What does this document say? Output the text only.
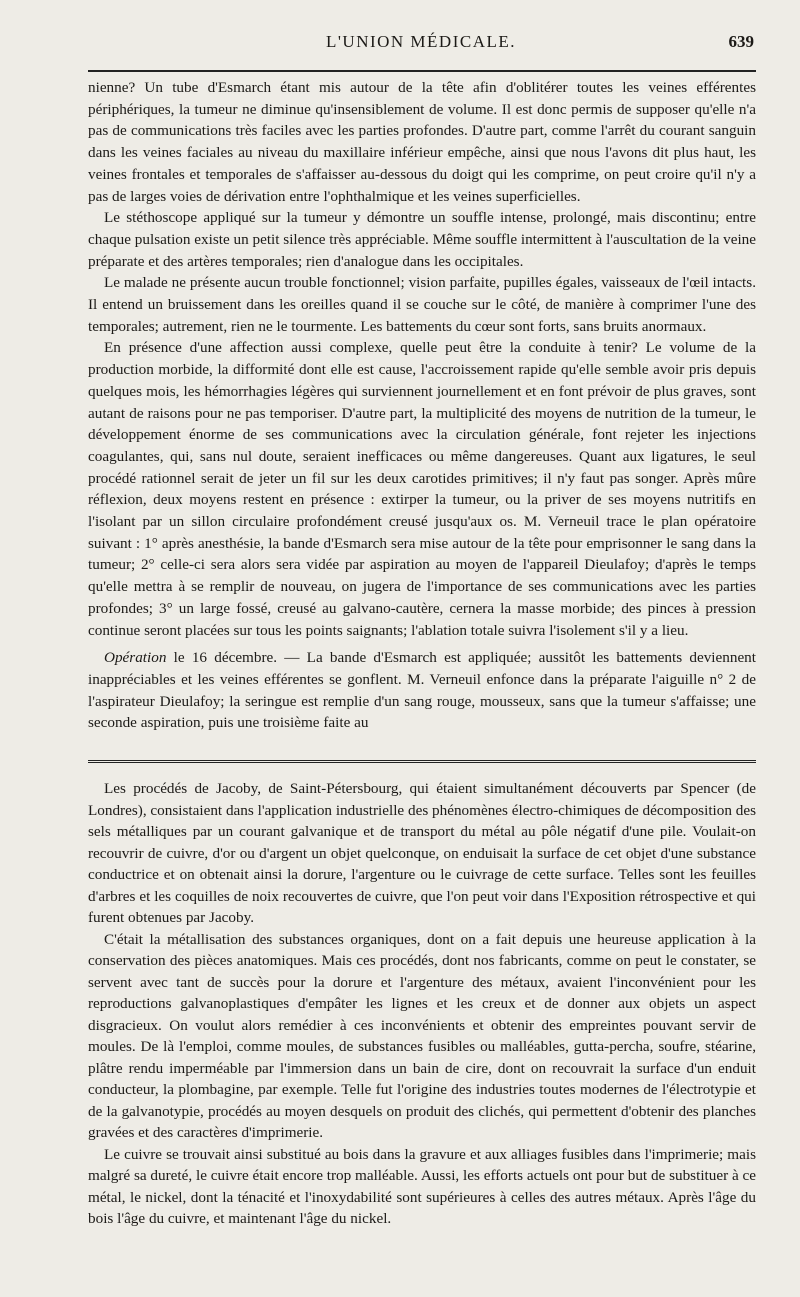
L'UNION MÉDICALE.	639

nienne? Un tube d'Esmarch étant mis autour de la tête afin d'oblitérer toutes les veines efférentes périphériques, la tumeur ne diminue qu'insensiblement de volume. Il est donc permis de supposer qu'elle n'a pas de communications très faciles avec les parties profondes. D'autre part, comme l'arrêt du courant sanguin dans les veines faciales au niveau du maxillaire inférieur empêche, ainsi que nous l'avons dit plus haut, les veines frontales et temporales de s'affaisser au-dessous du doigt qui les comprime, on peut croire qu'il n'y a pas de larges voies de dérivation entre l'ophthalmique et les veines superficielles.

Le stéthoscope appliqué sur la tumeur y démontre un souffle intense, prolongé, mais discontinu; entre chaque pulsation existe un petit silence très appréciable. Même souffle intermittent à l'auscultation de la veine préparate et des artères temporales; rien d'analogue dans les occipitales.

Le malade ne présente aucun trouble fonctionnel; vision parfaite, pupilles égales, vaisseaux de l'œil intacts. Il entend un bruissement dans les oreilles quand il se couche sur le côté, de manière à comprimer l'une des temporales; autrement, rien ne le tourmente. Les battements du cœur sont forts, sans bruits anormaux.

En présence d'une affection aussi complexe, quelle peut être la conduite à tenir? Le volume de la production morbide, la difformité dont elle est cause, l'accroissement rapide qu'elle semble avoir pris depuis quelques mois, les hémorrhagies légères qui surviennent journellement et en font prévoir de plus graves, sont autant de raisons pour ne pas temporiser. D'autre part, la multiplicité des moyens de nutrition de la tumeur, le développement énorme de ses communications avec la circulation générale, font rejeter les injections coagulantes, qui, sans nul doute, seraient inefficaces ou même dangereuses. Quant aux ligatures, le seul procédé rationnel serait de jeter un fil sur les deux carotides primitives; il n'y faut pas songer. Après mûre réflexion, deux moyens restent en présence : extirper la tumeur, ou la priver de ses moyens nutritifs en l'isolant par un sillon circulaire profondément creusé jusqu'aux os. M. Verneuil trace le plan opératoire suivant : 1° après anesthésie, la bande d'Esmarch sera mise autour de la tête pour emprisonner le sang dans la tumeur; 2° celle-ci sera alors sera vidée par aspiration au moyen de l'appareil Dieulafoy; d'après le temps qu'elle mettra à se remplir de nouveau, on jugera de l'importance de ses communications avec les parties profondes; 3° un large fossé, creusé au galvano-cautère, cernera la masse morbide; des pinces à pression continue seront placées sur tous les points saignants; l'ablation totale suivra l'isolement s'il y a lieu.

Opération le 16 décembre. — La bande d'Esmarch est appliquée; aussitôt les battements deviennent inappréciables et les veines efférentes se gonflent. M. Verneuil enfonce dans la préparate l'aiguille n° 2 de l'aspirateur Dieulafoy; la seringue est remplie d'un sang rouge, mousseux, sans que la tumeur s'affaisse; une seconde aspiration, puis une troisième faite au

Les procédés de Jacoby, de Saint-Pétersbourg, qui étaient simultanément découverts par Spencer (de Londres), consistaient dans l'application industrielle des phénomènes électro-chimiques de décomposition des sels métalliques par un courant galvanique et de transport du métal au pôle négatif d'une pile. Voulait-on recouvrir de cuivre, d'or ou d'argent un objet quelconque, on enduisait la surface de cet objet d'une substance conductrice et on obtenait ainsi la dorure, l'argenture ou le cuivrage de cette surface. Telles sont les feuilles d'arbres et les coquilles de noix recouvertes de cuivre, que l'on peut voir dans l'Exposition rétrospective et qui furent obtenues par Jacoby.

C'était la métallisation des substances organiques, dont on a fait depuis une heureuse application à la conservation des pièces anatomiques. Mais ces procédés, dont nos fabricants, comme on peut le constater, se servent avec tant de succès pour la dorure et l'argenture des métaux, avaient l'inconvénient pour les reproductions galvanoplastiques d'empâter les lignes et les creux et de donner aux objets un aspect disgracieux. On voulut alors remédier à ces inconvénients et obtenir des empreintes pouvant servir de moules. De là l'emploi, comme moules, de substances fusibles ou malléables, gutta-percha, soufre, stéarine, plâtre rendu imperméable par l'immersion dans un bain de cire, dont on recouvrait la surface d'un enduit conducteur, la plombagine, par exemple. Telle fut l'origine des industries toutes modernes de l'électrotypie et de la galvanotypie, procédés au moyen desquels on produit des clichés, qui permettent d'obtenir des planches gravées et des caractères d'imprimerie.

Le cuivre se trouvait ainsi substitué au bois dans la gravure et aux alliages fusibles dans l'imprimerie; mais malgré sa dureté, le cuivre était encore trop malléable. Aussi, les efforts actuels ont pour but de substituer à ce métal, le nickel, dont la ténacité et l'inoxydabilité sont supérieures à celles des autres métaux. Après l'âge du bois l'âge du cuivre, et maintenant l'âge du nickel.
